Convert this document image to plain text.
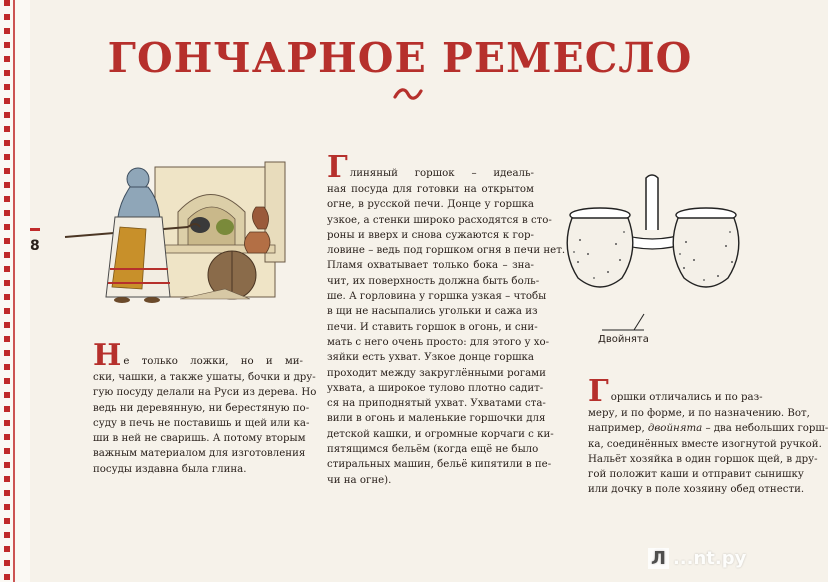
8
ГОНЧАРНОЕ РЕМЕСЛО
Двойнята
Н е только ложки, но и ми-
ски, чашки, а также ушаты, бочки и дру-
гую посуду делали на Руси из дерева. Но
ведь ни деревянную, ни берестяную по-
суду в печь не поставишь и щей или ка-
ши в ней не сваришь. А потому вторым
важным материалом для изготовления
посуды издавна была глина.
Г линяный горшок – идеаль-
ная посуда для готовки на открытом
огне, в русской печи. Донце у горшка
узкое, а стенки широко расходятся в сто-
роны и вверх и снова сужаются к гор-
ловине – ведь под горшком огня в печи нет.
Пламя охватывает только бока – зна-
чит, их поверхность должна быть боль-
ше. А горловина у горшка узкая – чтобы
в щи не насыпались угольки и сажа из
печи. И ставить горшок в огонь, и сни-
мать с него очень просто: для этого у хо-
зяйки есть ухват. Узкое донце горшка
проходит между закруглёнными рогами
ухвата, а широкое тулово плотно садит-
ся на приподнятый ухват. Ухватами ста-
вили в огонь и маленькие горшочки для
детской кашки, и огромные корчаги с ки-
пятящимся бельём (когда ещё не было
стиральных машин, бельё кипятили в пе-
чи на огне).
Г оршки отличались и по раз-
меру, и по форме, и по назначению. Вот,
например, двойнята – два небольших горш-
ка, соединённых вместе изогнутой ручкой.
Нальёт хозяйка в один горшок щей, в дру-
гой положит каши и отправит сынишку
или дочку в поле хозяину обед отнести.
Л ...nt.ру
